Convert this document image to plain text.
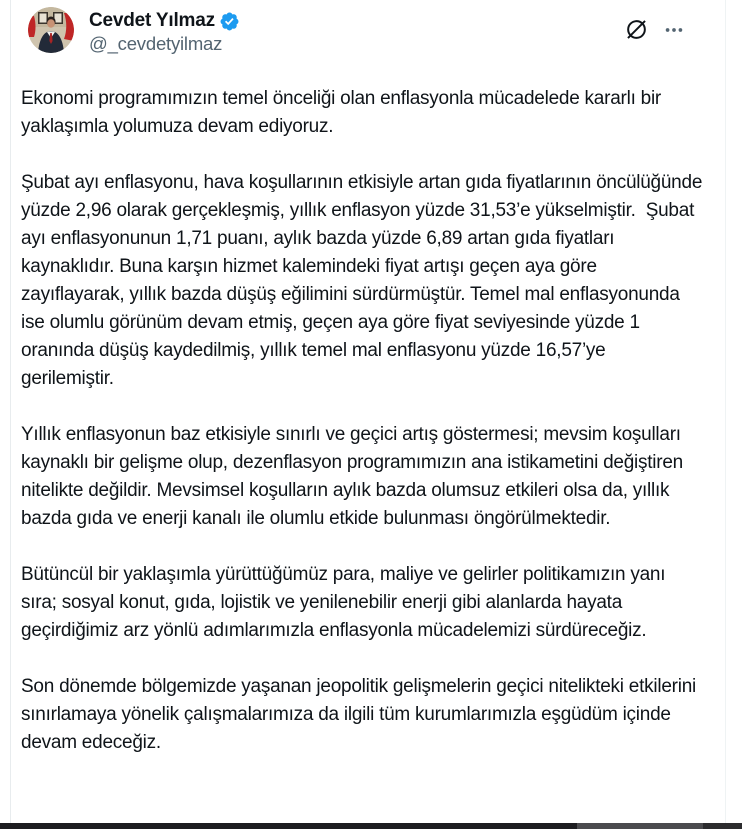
Cevdet Yılmaz
@_cevdetyilmaz

Ekonomi programımızın temel önceliği olan enflasyonla mücadelede kararlı bir yaklaşımla yolumuza devam ediyoruz.

Şubat ayı enflasyonu, hava koşullarının etkisiyle artan gıda fiyatlarının öncülüğünde yüzde 2,96 olarak gerçekleşmiş, yıllık enflasyon yüzde 31,53’e yükselmiştir.  Şubat ayı enflasyonunun 1,71 puanı, aylık bazda yüzde 6,89 artan gıda fiyatları kaynaklıdır. Buna karşın hizmet kalemindeki fiyat artışı geçen aya göre zayıflayarak, yıllık bazda düşüş eğilimini sürdürmüştür. Temel mal enflasyonunda ise olumlu görünüm devam etmiş, geçen aya göre fiyat seviyesinde yüzde 1 oranında düşüş kaydedilmiş, yıllık temel mal enflasyonu yüzde 16,57’ye gerilemiştir.

Yıllık enflasyonun baz etkisiyle sınırlı ve geçici artış göstermesi; mevsim koşulları kaynaklı bir gelişme olup, dezenflasyon programımızın ana istikametini değiştiren nitelikte değildir. Mevsimsel koşulların aylık bazda olumsuz etkileri olsa da, yıllık bazda gıda ve enerji kanalı ile olumlu etkide bulunması öngörülmektedir.

Bütüncül bir yaklaşımla yürüttüğümüz para, maliye ve gelirler politikamızın yanı sıra; sosyal konut, gıda, lojistik ve yenilenebilir enerji gibi alanlarda hayata geçirdiğimiz arz yönlü adımlarımızla enflasyonla mücadelemizi sürdüreceğiz.

Son dönemde bölgemizde yaşanan jeopolitik gelişmelerin geçici nitelikteki etkilerini sınırlamaya yönelik çalışmalarımıza da ilgili tüm kurumlarımızla eşgüdüm içinde devam edeceğiz.
